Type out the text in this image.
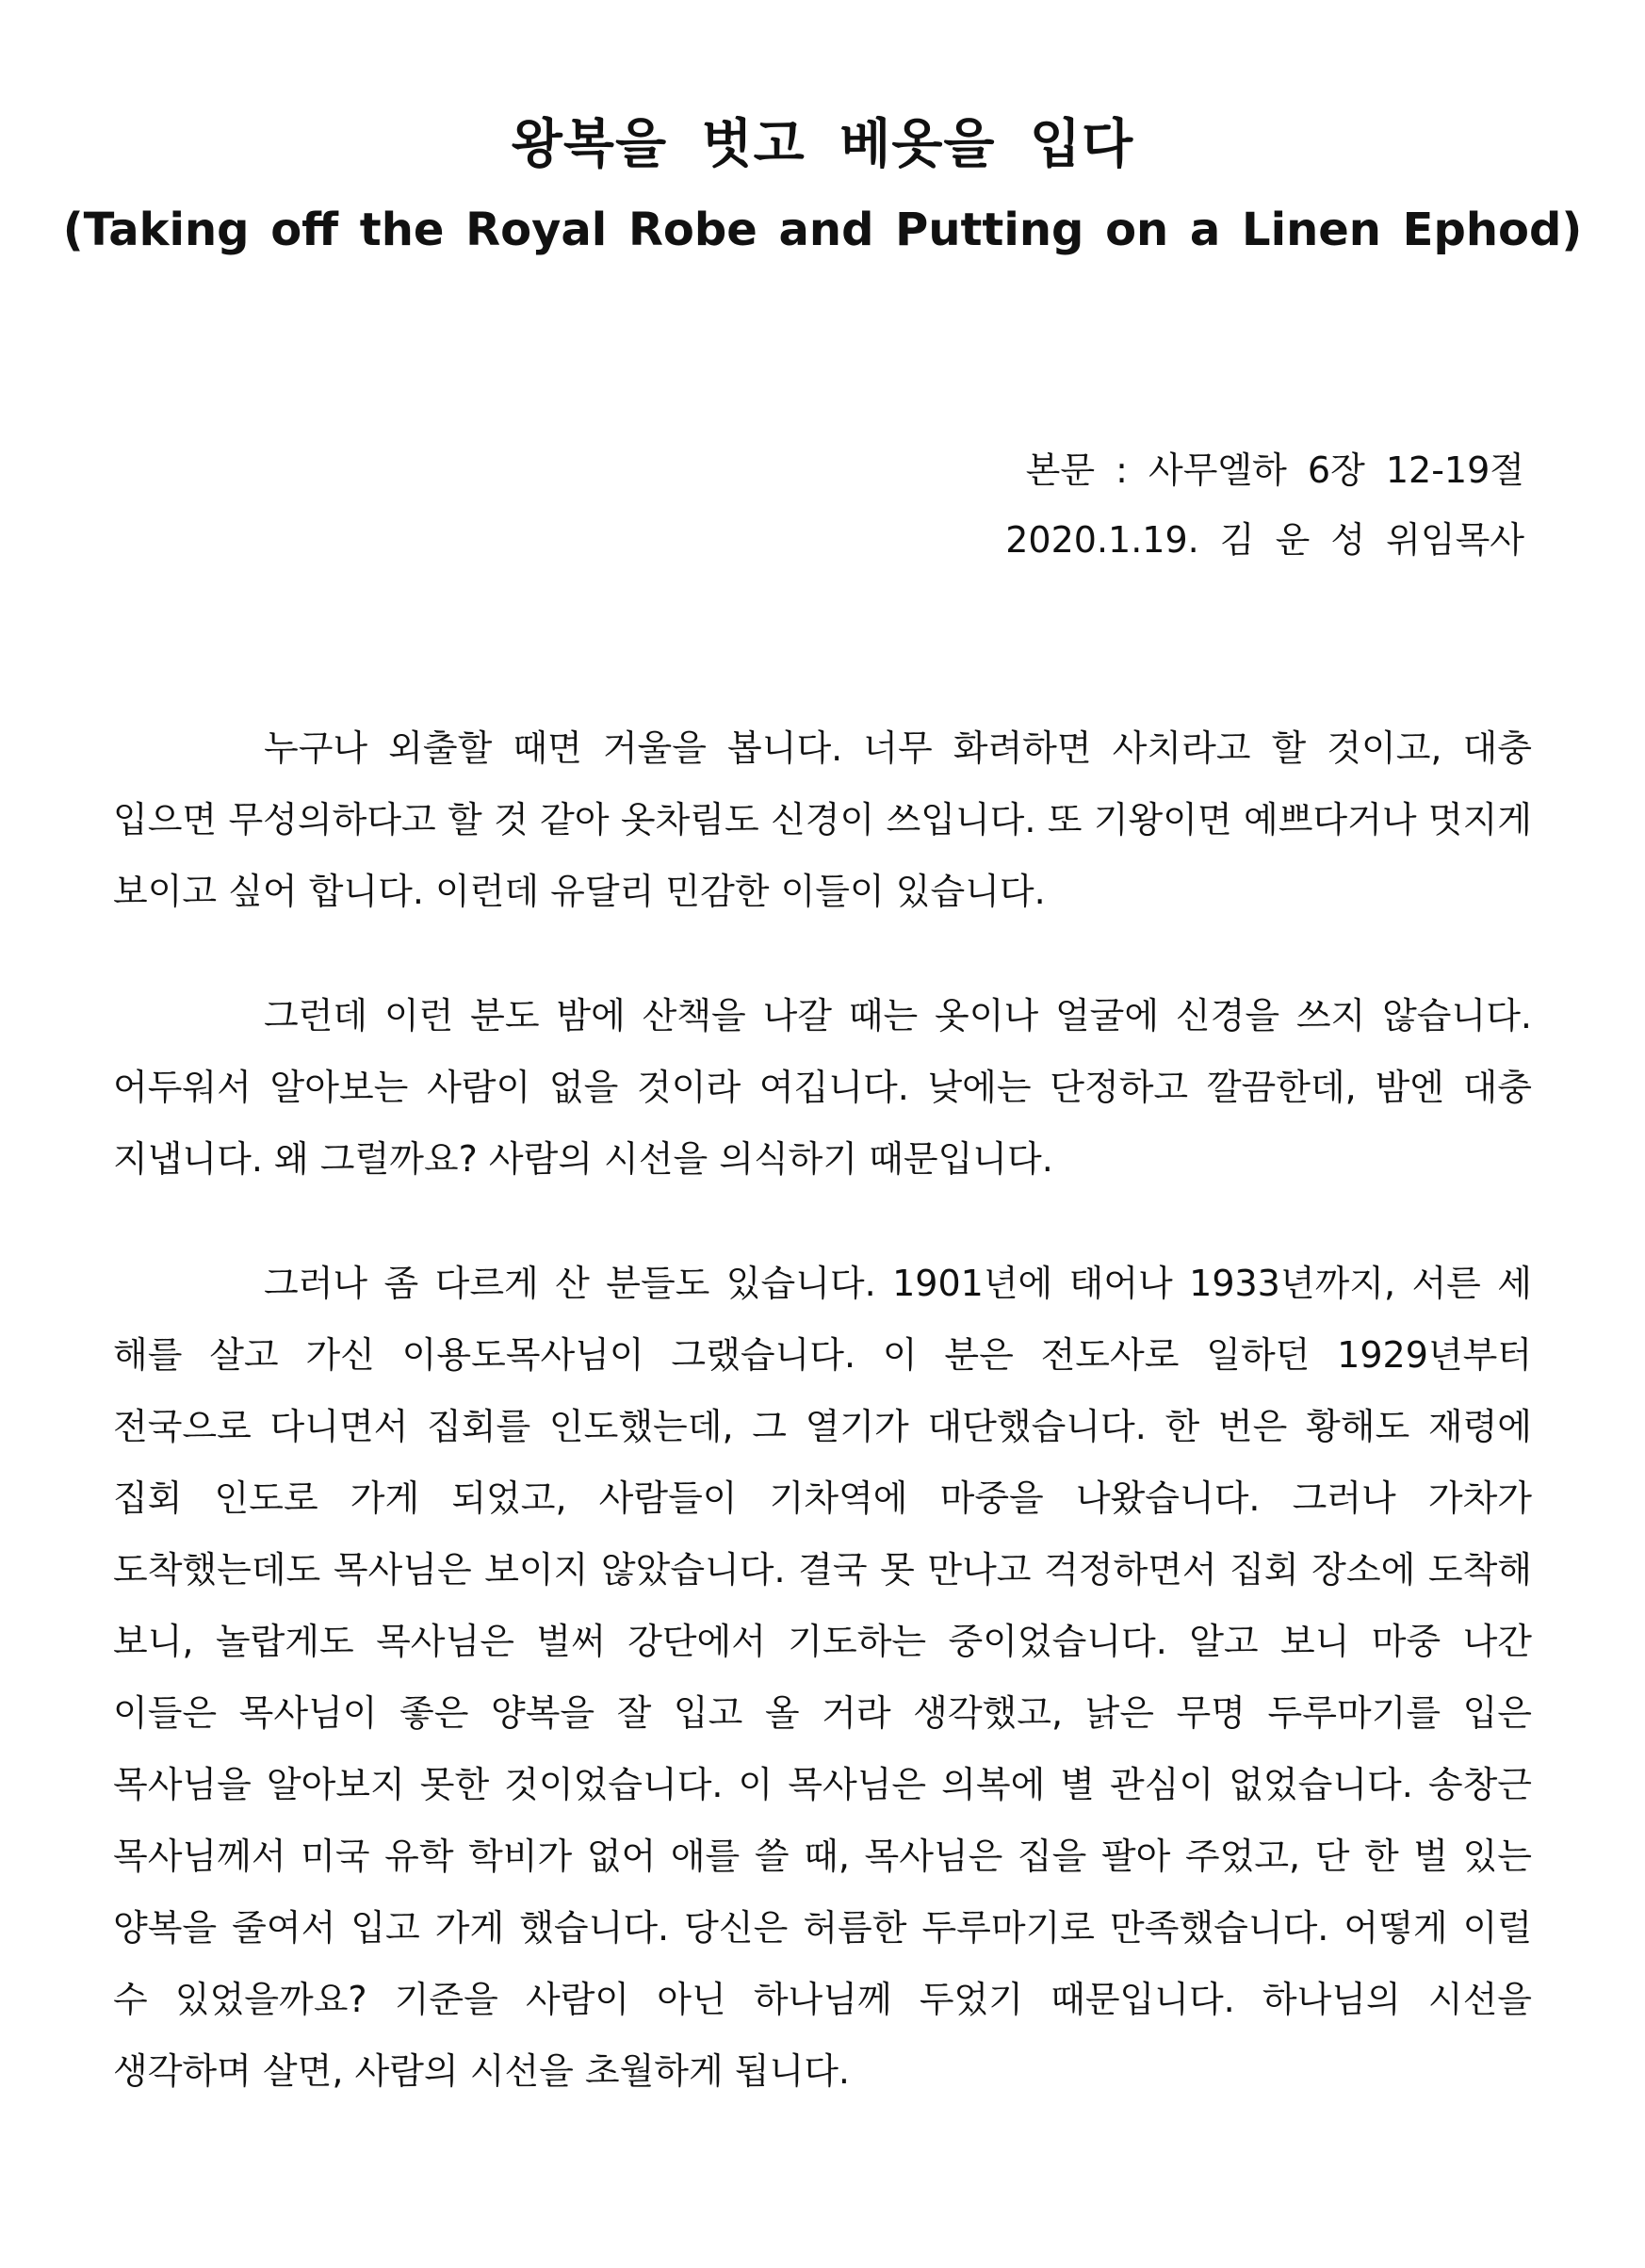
왕복을 벗고 베옷을 입다
(Taking off the Royal Robe and Putting on a Linen Ephod)
본문 : 사무엘하 6장 12-19절
2020.1.19. 김 운 성 위임목사

누구나 외출할 때면 거울을 봅니다. 너무 화려하면 사치라고 할 것이고, 대충 입으면 무성의하다고 할 것 같아 옷차림도 신경이 쓰입니다. 또 기왕이면 예쁘다거나 멋지게 보이고 싶어 합니다. 이런데 유달리 민감한 이들이 있습니다.

그런데 이런 분도 밤에 산책을 나갈 때는 옷이나 얼굴에 신경을 쓰지 않습니다. 어두워서 알아보는 사람이 없을 것이라 여깁니다. 낮에는 단정하고 깔끔한데, 밤엔 대충 지냅니다. 왜 그럴까요? 사람의 시선을 의식하기 때문입니다.

그러나 좀 다르게 산 분들도 있습니다. 1901년에 태어나 1933년까지, 서른 세 해를 살고 가신 이용도목사님이 그랬습니다. 이 분은 전도사로 일하던 1929년부터 전국으로 다니면서 집회를 인도했는데, 그 열기가 대단했습니다. 한 번은 황해도 재령에 집회 인도로 가게 되었고, 사람들이 기차역에 마중을 나왔습니다. 그러나 가차가 도착했는데도 목사님은 보이지 않았습니다. 결국 못 만나고 걱정하면서 집회 장소에 도착해 보니, 놀랍게도 목사님은 벌써 강단에서 기도하는 중이었습니다. 알고 보니 마중 나간 이들은 목사님이 좋은 양복을 잘 입고 올 거라 생각했고, 낡은 무명 두루마기를 입은 목사님을 알아보지 못한 것이었습니다. 이 목사님은 의복에 별 관심이 없었습니다. 송창근 목사님께서 미국 유학 학비가 없어 애를 쓸 때, 목사님은 집을 팔아 주었고, 단 한 벌 있는 양복을 줄여서 입고 가게 했습니다. 당신은 허름한 두루마기로 만족했습니다. 어떻게 이럴 수 있었을까요? 기준을 사람이 아닌 하나님께 두었기 때문입니다. 하나님의 시선을 생각하며 살면, 사람의 시선을 초월하게 됩니다.
